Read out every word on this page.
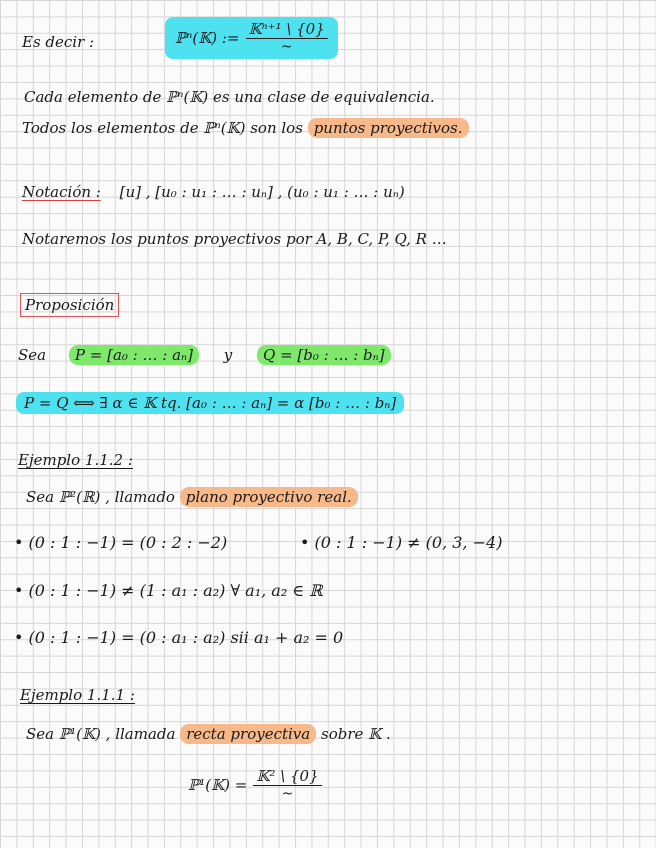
Es decir :	ℙⁿ(𝕂) := $\frac{\text{𝕂ⁿ⁺¹ \textbackslash{} \{0\}}}{\sim}$
Cada elemento de ℙⁿ(𝕂) es una clase de equivalencia.
Todos los elementos de ℙⁿ(𝕂) son los puntos proyectivos.
Notación : [u] , [u₀ : u₁ : … : uₙ] , (u₀ : u₁ : … : uₙ)
Notaremos los puntos proyectivos por A, B, C, P, Q, R …
Proposición
Sea P = [a₀ : … : aₙ] y Q = [b₀ : … : bₙ]
P = Q ⟺ ∃ α ∈ 𝕂 tq. [a₀ : … : aₙ] = α [b₀ : … : bₙ]
Ejemplo 1.1.2 :
Sea ℙ²(ℝ) , llamado plano proyectivo real.
• (0 : 1 : −1) = (0 : 2 : −2)	• (0 : 1 : −1) ≠ (0, 3, −4)
• (0 : 1 : −1) ≠ (1 : a₁ : a₂) ∀ a₁, a₂ ∈ ℝ
• (0 : 1 : −1) = (0 : a₁ : a₂) sii a₁ + a₂ = 0
Ejemplo 1.1.1 :
Sea ℙ¹(𝕂) , llamada recta proyectiva sobre 𝕂 .
ℙ¹(𝕂) = $\frac{\text{𝕂² \textbackslash{} \{0\}}}{\sim}$
